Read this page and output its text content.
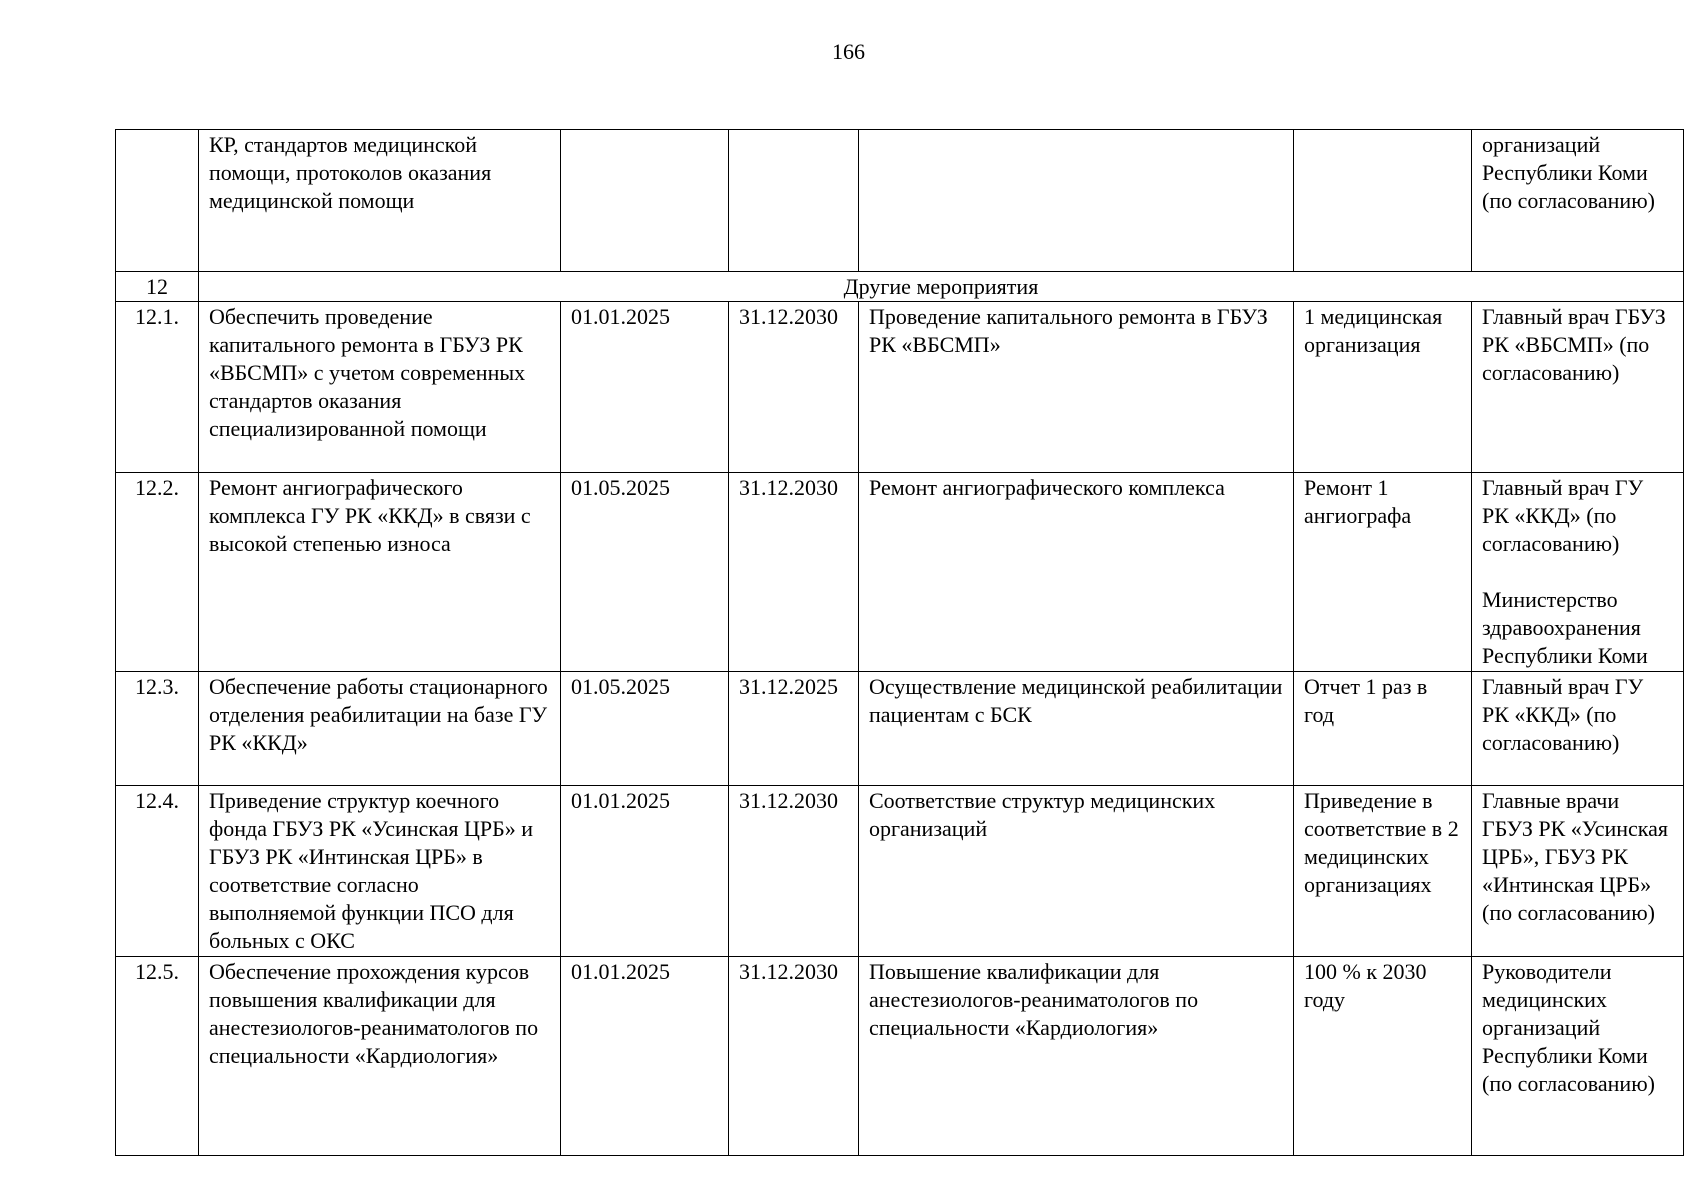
166
	КР, стандартов медицинской помощи, протоколов оказания медицинской помощи					организаций Республики Коми (по согласованию)
12	Другие мероприятия					
12.1.	Обеспечить проведение капитального ремонта в ГБУЗ РК «ВБСМП» с учетом современных стандартов оказания специализированной помощи	01.01.2025	31.12.2030	Проведение капитального ремонта в ГБУЗ РК «ВБСМП»	1 медицинская организация	Главный врач ГБУЗ РК «ВБСМП» (по согласованию)
12.2.	Ремонт ангиографического комплекса ГУ РК «ККД» в связи с высокой степенью износа	01.05.2025	31.12.2030	Ремонт ангиографического комплекса	Ремонт 1 ангиографа	Главный врач ГУ РК «ККД» (по согласованию)

Министерство здравоохранения Республики Коми
12.3.	Обеспечение работы стационарного отделения реабилитации на базе ГУ РК «ККД»	01.05.2025	31.12.2025	Осуществление медицинской реабилитации пациентам с БСК	Отчет 1 раз в год	Главный врач ГУ РК «ККД» (по согласованию)
12.4.	Приведение структур коечного фонда ГБУЗ РК «Усинская ЦРБ» и ГБУЗ РК «Интинская ЦРБ» в соответствие согласно выполняемой функции ПСО для больных с ОКС	01.01.2025	31.12.2030	Соответствие структур медицинских организаций	Приведение в соответствие в 2 медицинских организациях	Главные врачи ГБУЗ РК «Усинская ЦРБ», ГБУЗ РК «Интинская ЦРБ» (по согласованию)
12.5.	Обеспечение прохождения курсов повышения квалификации для анестезиологов-реаниматологов по специальности «Кардиология»	01.01.2025	31.12.2030	Повышение квалификации для анестезиологов-реаниматологов по специальности «Кардиология»	100 % к 2030 году	Руководители медицинских организаций Республики Коми (по согласованию)
